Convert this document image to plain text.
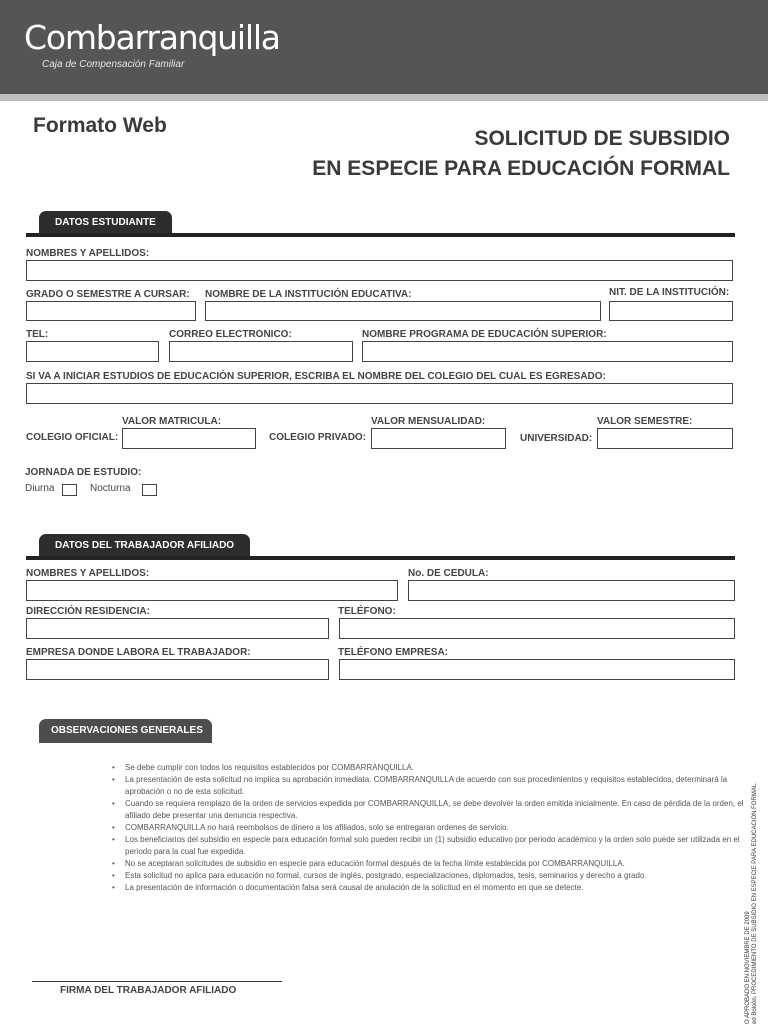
Combarranquilla
Caja de Compensación Familiar
Formato Web
SOLICITUD DE SUBSIDIO
EN ESPECIE PARA EDUCACIÓN FORMAL
DATOS ESTUDIANTE
NOMBRES Y APELLIDOS:
GRADO O SEMESTRE A CURSAR: NOMBRE DE LA INSTITUCIÓN EDUCATIVA:	NIT. DE LA INSTITUCIÓN:
TEL:	CORREO ELECTRONICO:	NOMBRE PROGRAMA DE EDUCACIÓN SUPERIOR:
SI VA A INICIAR ESTUDIOS DE EDUCACIÓN SUPERIOR, ESCRIBA EL NOMBRE DEL COLEGIO DEL CUAL ES EGRESADO:
VALOR MATRICULA:	VALOR MENSUALIDAD:	VALOR SEMESTRE:
COLEGIO OFICIAL:	COLEGIO PRIVADO:	UNIVERSIDAD:
JORNADA DE ESTUDIO:
Diurna	Nocturna
DATOS DEL TRABAJADOR AFILIADO
NOMBRES Y APELLIDOS:	No. DE CEDULA:
DIRECCIÓN RESIDENCIA:	TELÉFONO:
EMPRESA DONDE LABORA EL TRABAJADOR:	TELÉFONO EMPRESA:
OBSERVACIONES GENERALES
• Se debe cumplir con todos los requisitos establecidos por COMBARRANQUILLA.
• La presentación de esta solicitud no implica su aprobación inmediata. COMBARRANQUILLA de acuerdo con sus procedimientos y requisitos establecidos, determinará la aprobación o no de esta solicitud.
• Cuando se requiera remplazo de la orden de servicios expedida por COMBARRANQUILLA, se debe devolver la orden emitida inicialmente. En caso de pérdida de la orden, el afiliado debe presentar una denuncia respectiva.
• COMBARRANQUILLA no hará reembolsos de dinero a los afiliados, solo se entregaran ordenes de servicio.
• Los beneficiarios del subsidio en especie para educación formal solo pueden recibir un (1) subsidio educativo por periodo académico y la orden solo puede ser utilizada en el periodo para la cual fue expedida.
• No se aceptaran solicitudes de subsidio en especie para educación formal después de la fecha límite establecida por COMBARRANQUILLA.
• Esta solicitud no aplica para educación no formal, cursos de inglés, postgrado, especializaciones, diplomados, tesis, seminarios y derecho a grado.
• La presentación de información o documentación falsa será causal de anulación de la solicitud en el momento en que se detecte.
FIRMA DEL TRABAJADOR AFILIADO	O APROBADO EN NOVIEMBRE DE 2009 ed Bolsón. PROCEDIMIENTO DE SUBSIDIO EN ESPECIE PARA EDUCACIÓN FORMAL.
